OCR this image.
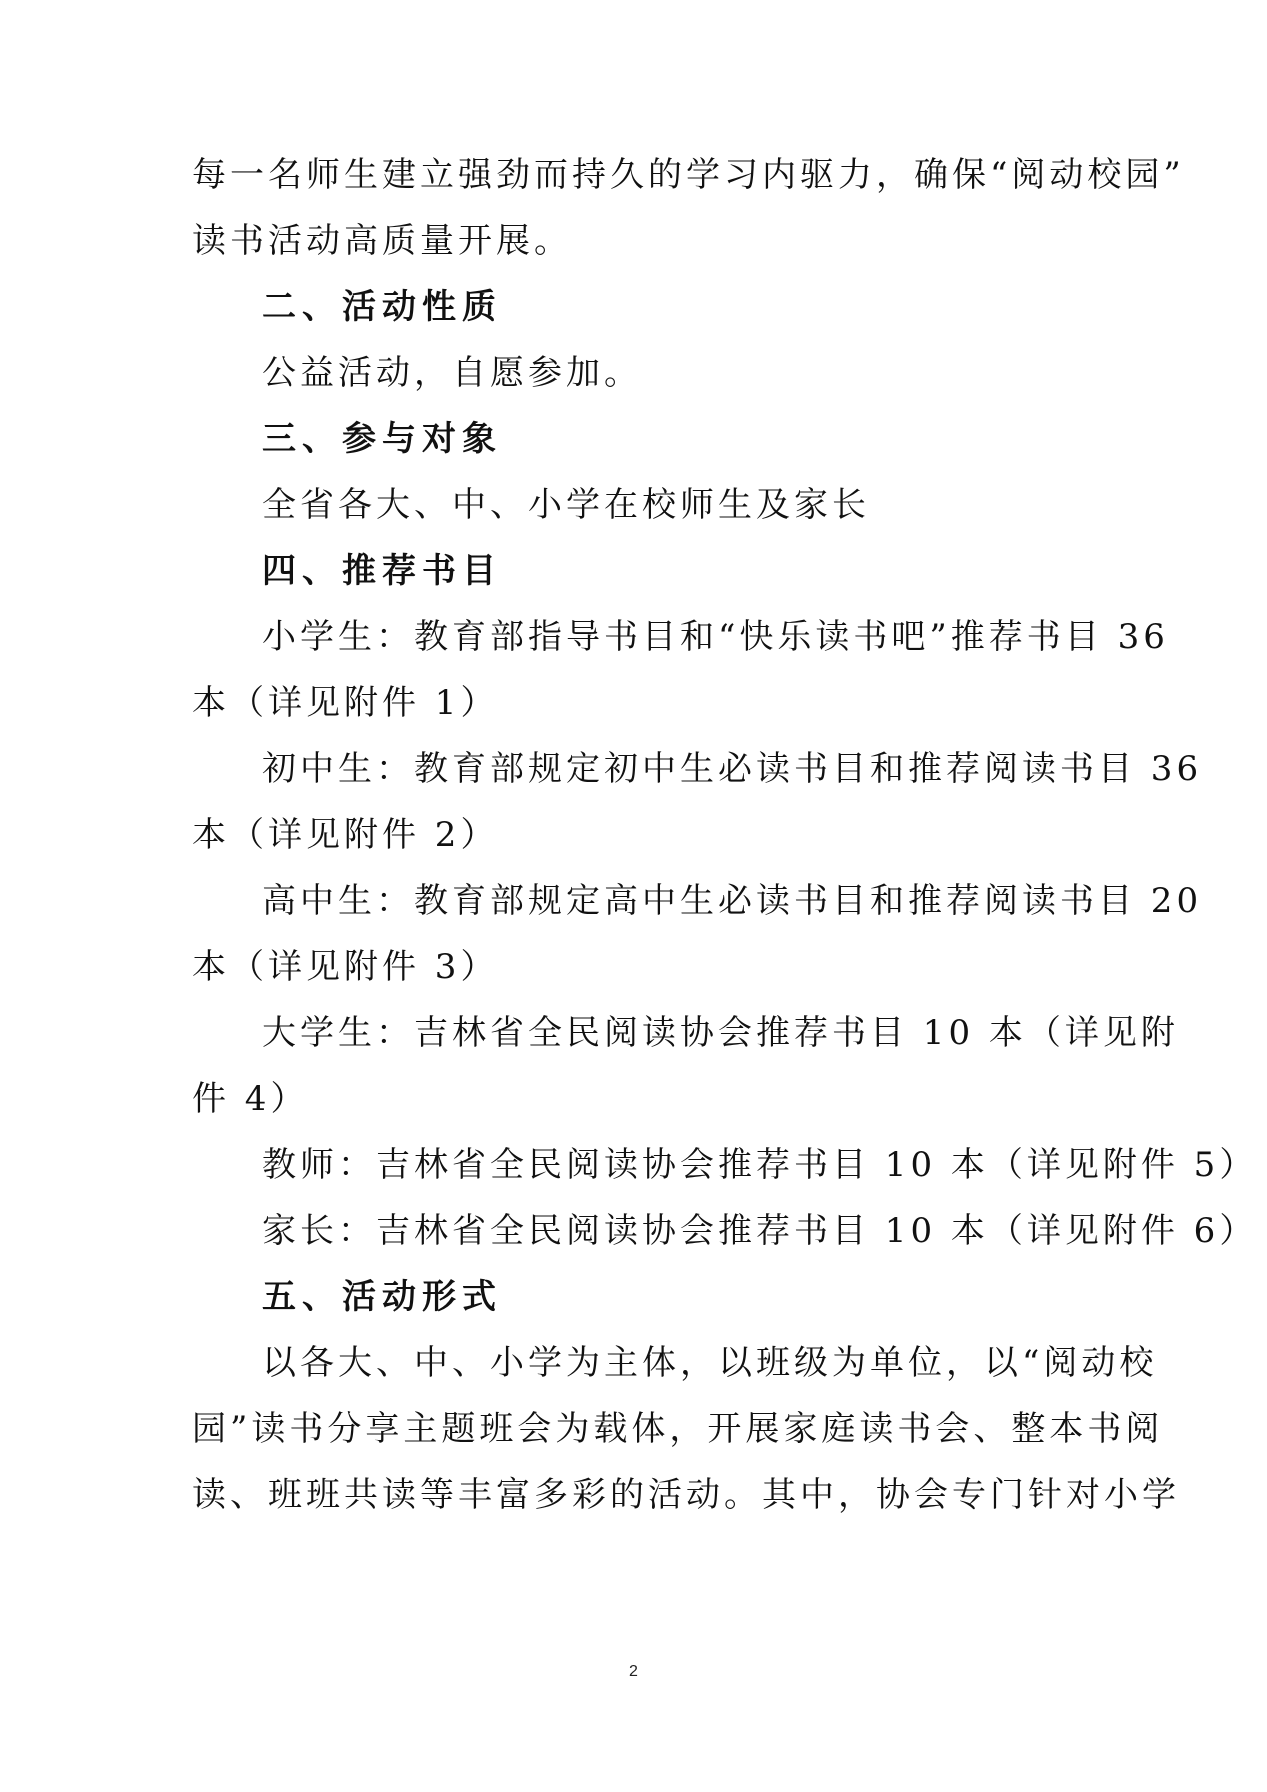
每一名师生建立强劲而持久的学习内驱力，确保“阅动校园”
读书活动高质量开展。
二、活动性质
公益活动，自愿参加。
三、参与对象
全省各大、中、小学在校师生及家长
四、推荐书目
小学生：教育部指导书目和“快乐读书吧”推荐书目 36
本（详见附件 1）
初中生：教育部规定初中生必读书目和推荐阅读书目 36
本（详见附件 2）
高中生：教育部规定高中生必读书目和推荐阅读书目 20
本（详见附件 3）
大学生：吉林省全民阅读协会推荐书目 10 本（详见附
件 4）
教师：吉林省全民阅读协会推荐书目 10 本（详见附件 5）
家长：吉林省全民阅读协会推荐书目 10 本（详见附件 6）
五、活动形式
以各大、中、小学为主体，以班级为单位，以“阅动校
园”读书分享主题班会为载体，开展家庭读书会、整本书阅
读、班班共读等丰富多彩的活动。其中，协会专门针对小学
2
